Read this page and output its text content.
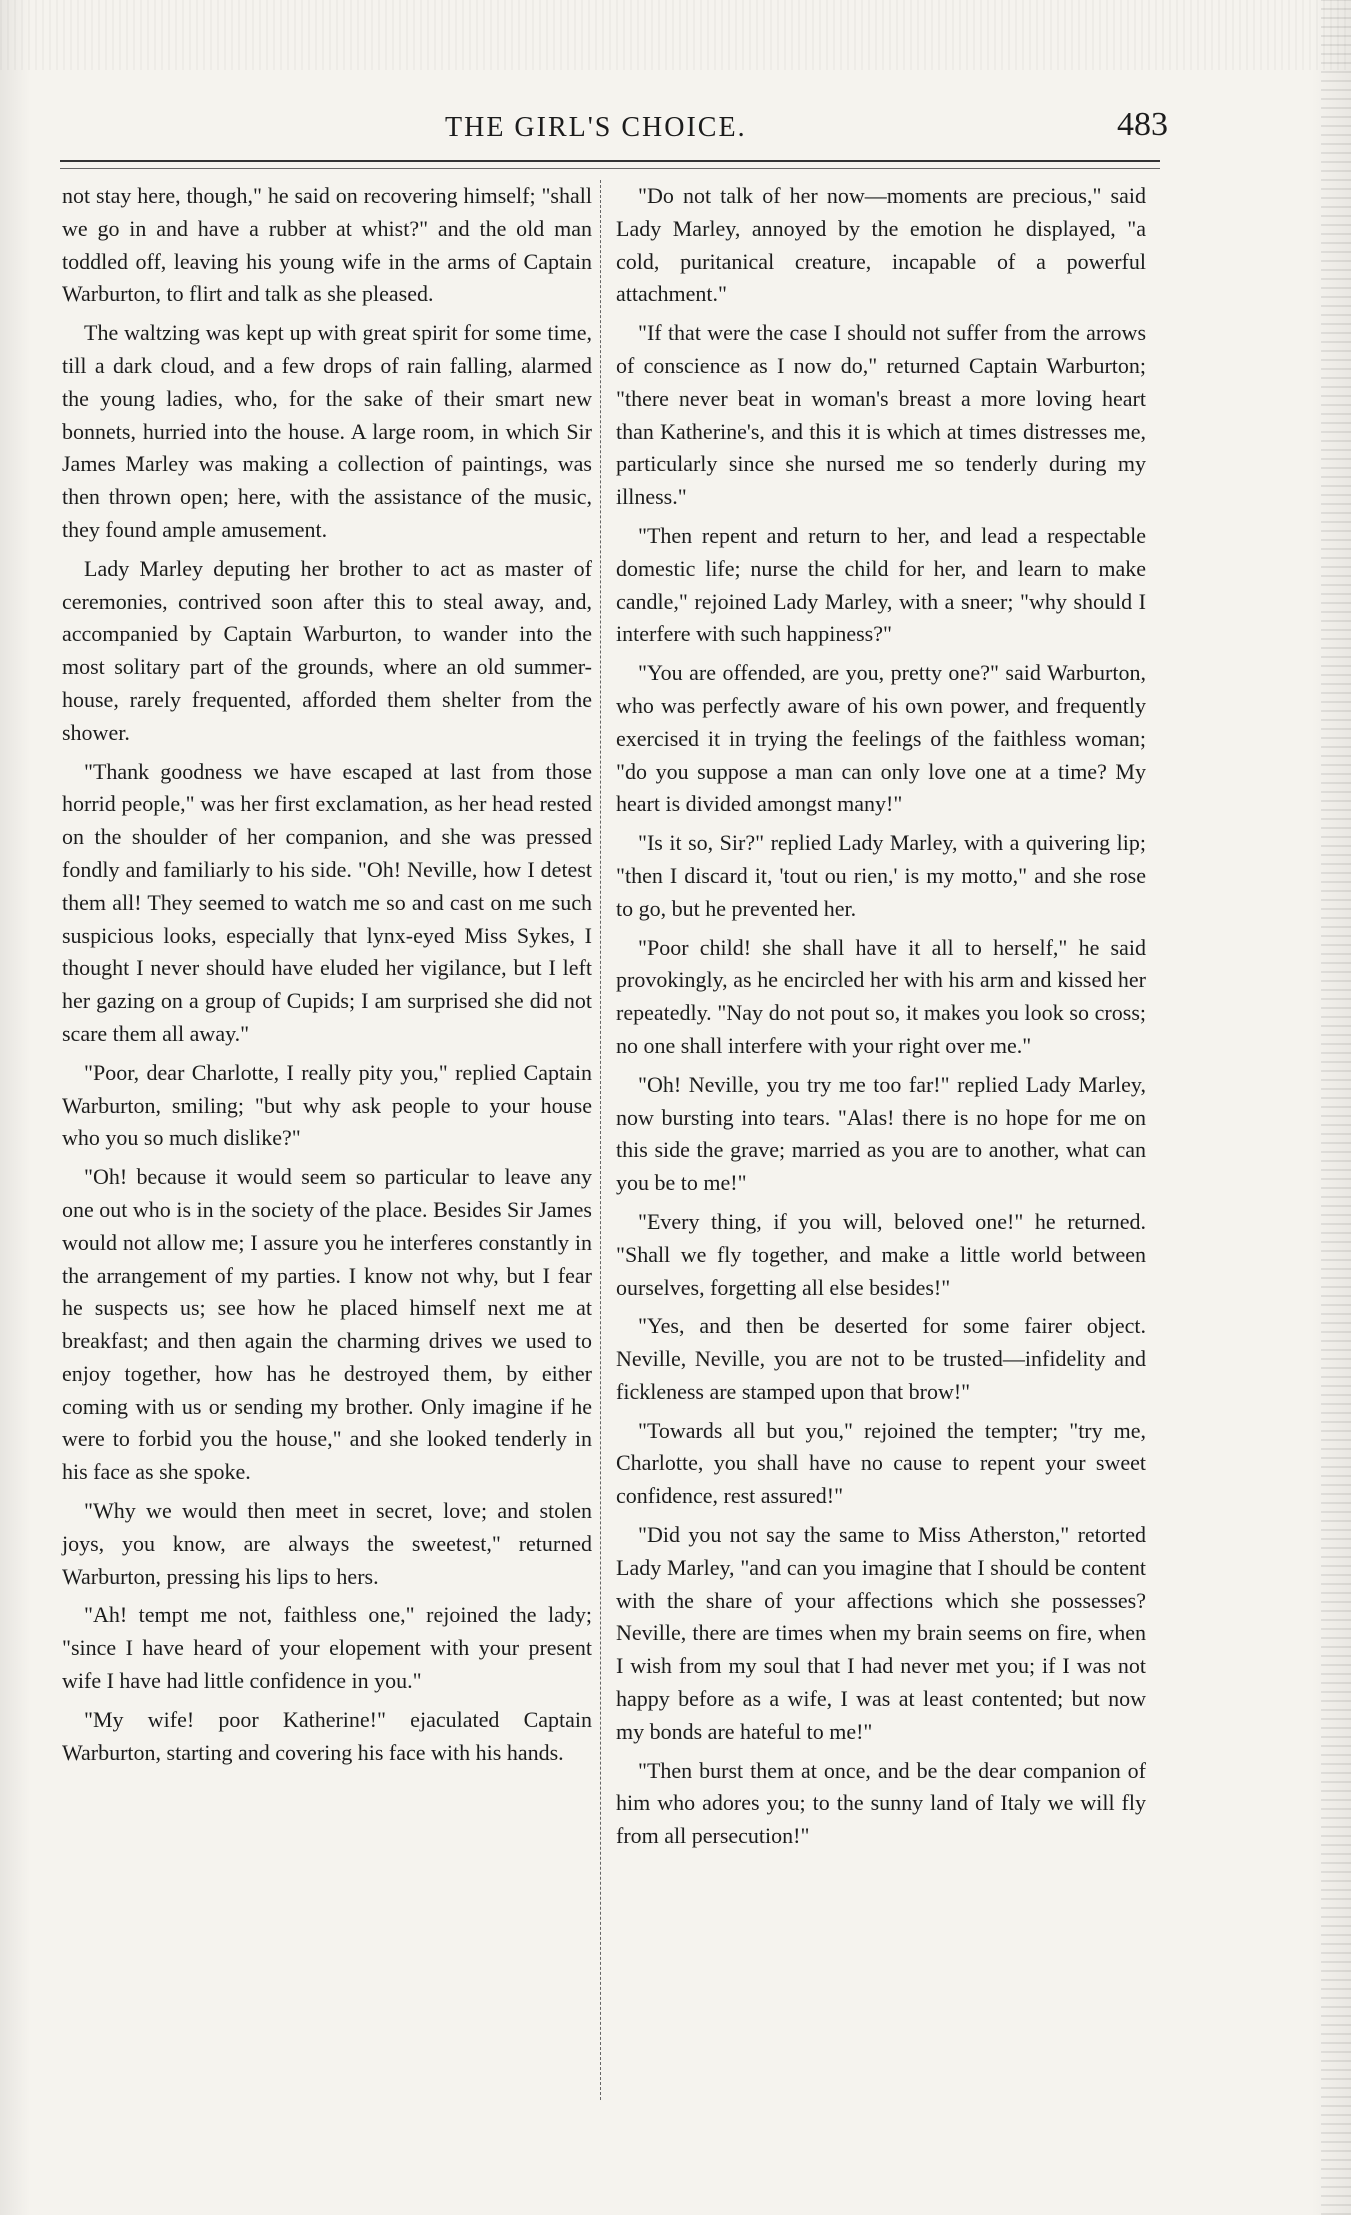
THE GIRL'S CHOICE.	483

not stay here, though," he said on recovering himself; "shall we go in and have a rubber at whist?" and the old man toddled off, leaving his young wife in the arms of Captain Warburton, to flirt and talk as she pleased.

The waltzing was kept up with great spirit for some time, till a dark cloud, and a few drops of rain falling, alarmed the young ladies, who, for the sake of their smart new bonnets, hurried into the house. A large room, in which Sir James Marley was making a collection of paintings, was then thrown open; here, with the assistance of the music, they found ample amusement.

Lady Marley deputing her brother to act as master of ceremonies, contrived soon after this to steal away, and, accompanied by Captain Warburton, to wander into the most solitary part of the grounds, where an old summer-house, rarely frequented, afforded them shelter from the shower.

"Thank goodness we have escaped at last from those horrid people," was her first exclamation, as her head rested on the shoulder of her companion, and she was pressed fondly and familiarly to his side. "Oh! Neville, how I detest them all! They seemed to watch me so and cast on me such suspicious looks, especially that lynx-eyed Miss Sykes, I thought I never should have eluded her vigilance, but I left her gazing on a group of Cupids; I am surprised she did not scare them all away."

"Poor, dear Charlotte, I really pity you," replied Captain Warburton, smiling; "but why ask people to your house who you so much dislike?"

"Oh! because it would seem so particular to leave any one out who is in the society of the place. Besides Sir James would not allow me; I assure you he interferes constantly in the arrangement of my parties. I know not why, but I fear he suspects us; see how he placed himself next me at breakfast; and then again the charming drives we used to enjoy together, how has he destroyed them, by either coming with us or sending my brother. Only imagine if he were to forbid you the house," and she looked tenderly in his face as she spoke.

"Why we would then meet in secret, love; and stolen joys, you know, are always the sweetest," returned Warburton, pressing his lips to hers.

"Ah! tempt me not, faithless one," rejoined the lady; "since I have heard of your elopement with your present wife I have had little confidence in you."

"My wife! poor Katherine!" ejaculated Captain Warburton, starting and covering his face with his hands.

"Do not talk of her now—moments are precious," said Lady Marley, annoyed by the emotion he displayed, "a cold, puritanical creature, incapable of a powerful attachment."

"If that were the case I should not suffer from the arrows of conscience as I now do," returned Captain Warburton; "there never beat in woman's breast a more loving heart than Katherine's, and this it is which at times distresses me, particularly since she nursed me so tenderly during my illness."

"Then repent and return to her, and lead a respectable domestic life; nurse the child for her, and learn to make candle," rejoined Lady Marley, with a sneer; "why should I interfere with such happiness?"

"You are offended, are you, pretty one?" said Warburton, who was perfectly aware of his own power, and frequently exercised it in trying the feelings of the faithless woman; "do you suppose a man can only love one at a time? My heart is divided amongst many!"

"Is it so, Sir?" replied Lady Marley, with a quivering lip; "then I discard it, 'tout ou rien,' is my motto," and she rose to go, but he prevented her.

"Poor child! she shall have it all to herself," he said provokingly, as he encircled her with his arm and kissed her repeatedly. "Nay do not pout so, it makes you look so cross; no one shall interfere with your right over me."

"Oh! Neville, you try me too far!" replied Lady Marley, now bursting into tears. "Alas! there is no hope for me on this side the grave; married as you are to another, what can you be to me!"

"Every thing, if you will, beloved one!" he returned. "Shall we fly together, and make a little world between ourselves, forgetting all else besides!"

"Yes, and then be deserted for some fairer object. Neville, Neville, you are not to be trusted—infidelity and fickleness are stamped upon that brow!"

"Towards all but you," rejoined the tempter; "try me, Charlotte, you shall have no cause to repent your sweet confidence, rest assured!"

"Did you not say the same to Miss Atherston," retorted Lady Marley, "and can you imagine that I should be content with the share of your affections which she possesses? Neville, there are times when my brain seems on fire, when I wish from my soul that I had never met you; if I was not happy before as a wife, I was at least contented; but now my bonds are hateful to me!"

"Then burst them at once, and be the dear companion of him who adores you; to the sunny land of Italy we will fly from all persecution!"
